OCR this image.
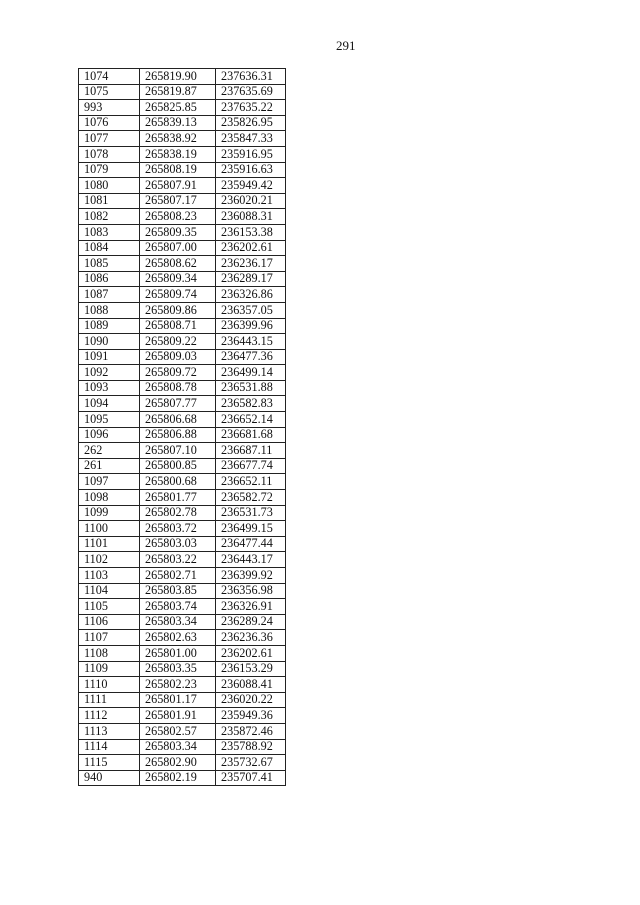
291
1074	265819.90	237636.31
1075	265819.87	237635.69
993	265825.85	237635.22
1076	265839.13	235826.95
1077	265838.92	235847.33
1078	265838.19	235916.95
1079	265808.19	235916.63
1080	265807.91	235949.42
1081	265807.17	236020.21
1082	265808.23	236088.31
1083	265809.35	236153.38
1084	265807.00	236202.61
1085	265808.62	236236.17
1086	265809.34	236289.17
1087	265809.74	236326.86
1088	265809.86	236357.05
1089	265808.71	236399.96
1090	265809.22	236443.15
1091	265809.03	236477.36
1092	265809.72	236499.14
1093	265808.78	236531.88
1094	265807.77	236582.83
1095	265806.68	236652.14
1096	265806.88	236681.68
262	265807.10	236687.11
261	265800.85	236677.74
1097	265800.68	236652.11
1098	265801.77	236582.72
1099	265802.78	236531.73
1100	265803.72	236499.15
1101	265803.03	236477.44
1102	265803.22	236443.17
1103	265802.71	236399.92
1104	265803.85	236356.98
1105	265803.74	236326.91
1106	265803.34	236289.24
1107	265802.63	236236.36
1108	265801.00	236202.61
1109	265803.35	236153.29
1110	265802.23	236088.41
1111	265801.17	236020.22
1112	265801.91	235949.36
1113	265802.57	235872.46
1114	265803.34	235788.92
1115	265802.90	235732.67
940	265802.19	235707.41
